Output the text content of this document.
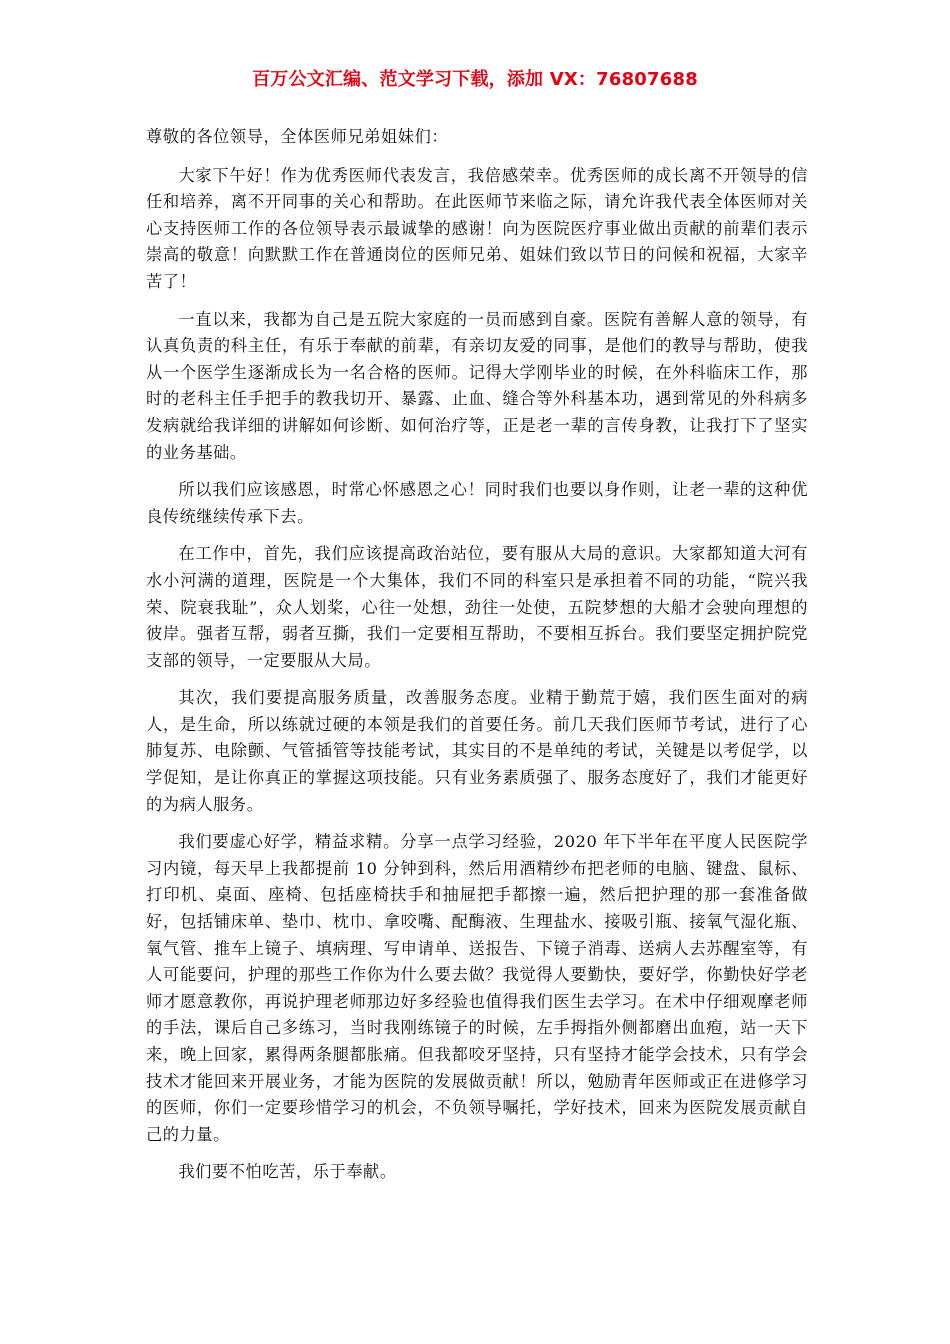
百万公文汇编、范文学习下载，添加 VX：76807688

尊敬的各位领导，全体医师兄弟姐妹们：

大家下午好！作为优秀医师代表发言，我倍感荣幸。优秀医师的成长离不开领导的信任和培养，离不开同事的关心和帮助。在此医师节来临之际，请允许我代表全体医师对关心支持医师工作的各位领导表示最诚挚的感谢！向为医院医疗事业做出贡献的前辈们表示崇高的敬意！向默默工作在普通岗位的医师兄弟、姐妹们致以节日的问候和祝福，大家辛苦了！

一直以来，我都为自己是五院大家庭的一员而感到自豪。医院有善解人意的领导，有认真负责的科主任，有乐于奉献的前辈，有亲切友爱的同事，是他们的教导与帮助，使我从一个医学生逐渐成长为一名合格的医师。记得大学刚毕业的时候，在外科临床工作，那时的老科主任手把手的教我切开、暴露、止血、缝合等外科基本功，遇到常见的外科病多发病就给我详细的讲解如何诊断、如何治疗等，正是老一辈的言传身教，让我打下了坚实的业务基础。

所以我们应该感恩，时常心怀感恩之心！同时我们也要以身作则，让老一辈的这种优良传统继续传承下去。

在工作中，首先，我们应该提高政治站位，要有服从大局的意识。大家都知道大河有水小河满的道理，医院是一个大集体，我们不同的科室只是承担着不同的功能，“院兴我荣、院衰我耻”，众人划桨，心往一处想，劲往一处使，五院梦想的大船才会驶向理想的彼岸。强者互帮，弱者互撕，我们一定要相互帮助，不要相互拆台。我们要坚定拥护院党支部的领导，一定要服从大局。

其次，我们要提高服务质量，改善服务态度。业精于勤荒于嬉，我们医生面对的病人，是生命，所以练就过硬的本领是我们的首要任务。前几天我们医师节考试，进行了心肺复苏、电除颤、气管插管等技能考试，其实目的不是单纯的考试，关键是以考促学，以学促知，是让你真正的掌握这项技能。只有业务素质强了、服务态度好了，我们才能更好的为病人服务。

我们要虚心好学，精益求精。分享一点学习经验，2020 年下半年在平度人民医院学习内镜，每天早上我都提前 10 分钟到科，然后用酒精纱布把老师的电脑、键盘、鼠标、打印机、桌面、座椅、包括座椅扶手和抽屉把手都擦一遍，然后把护理的那一套准备做好，包括铺床单、垫巾、枕巾、拿咬嘴、配酶液、生理盐水、接吸引瓶、接氧气湿化瓶、氧气管、推车上镜子、填病理、写申请单、送报告、下镜子消毒、送病人去苏醒室等，有人可能要问，护理的那些工作你为什么要去做？我觉得人要勤快，要好学，你勤快好学老师才愿意教你，再说护理老师那边好多经验也值得我们医生去学习。在术中仔细观摩老师的手法，课后自己多练习，当时我刚练镜子的时候，左手拇指外侧都磨出血疱，站一天下来，晚上回家，累得两条腿都胀痛。但我都咬牙坚持，只有坚持才能学会技术，只有学会技术才能回来开展业务，才能为医院的发展做贡献！所以，勉励青年医师或正在进修学习的医师，你们一定要珍惜学习的机会，不负领导嘱托，学好技术，回来为医院发展贡献自己的力量。

我们要不怕吃苦，乐于奉献。
